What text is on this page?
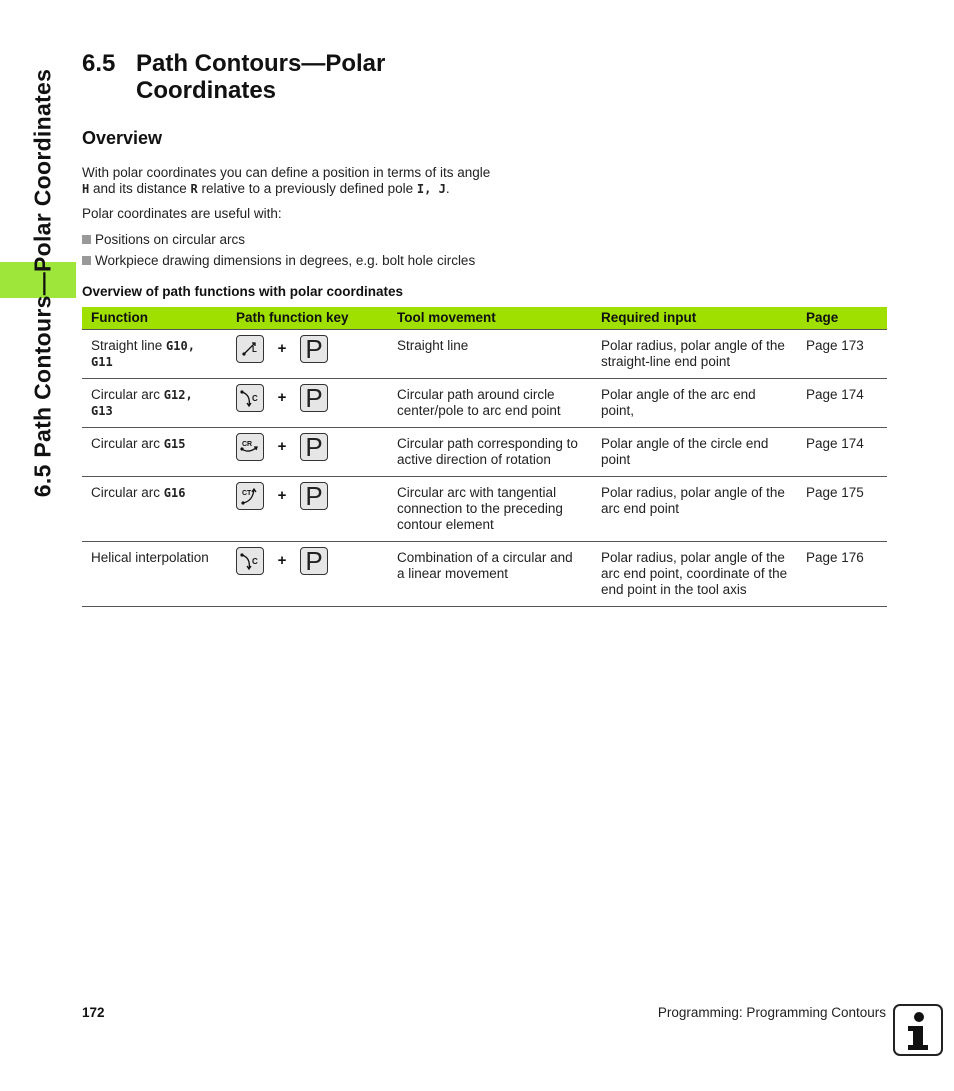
6.5 Path Contours—Polar Coordinates
6.5 Path Contours—Polar
Coordinates
Overview

With polar coordinates you can define a position in terms of its angle
H and its distance R relative to a previously defined pole I, J.

Polar coordinates are useful with:

Positions on circular arcs
Workpiece drawing dimensions in degrees, e.g. bolt hole circles
Overview of path functions with polar coordinates
Function	Path function key	Tool movement	Required input	Page
Straight line G10, G11	L + P	Straight line	Polar radius, polar angle of the straight-line end point	Page 173
Circular arc G12, G13	C + P	Circular path around circle center/pole to arc end point	Polar angle of the arc end point,	Page 174
Circular arc G15	CR + P	Circular path corresponding to active direction of rotation	Polar angle of the circle end point	Page 174
Circular arc G16	CT + P	Circular arc with tangential connection to the preceding contour element	Polar radius, polar angle of the arc end point	Page 175
Helical interpolation	C + P	Combination of a circular and a linear movement	Polar radius, polar angle of the arc end point, coordinate of the end point in the tool axis	Page 176
172	Programming: Programming Contours
